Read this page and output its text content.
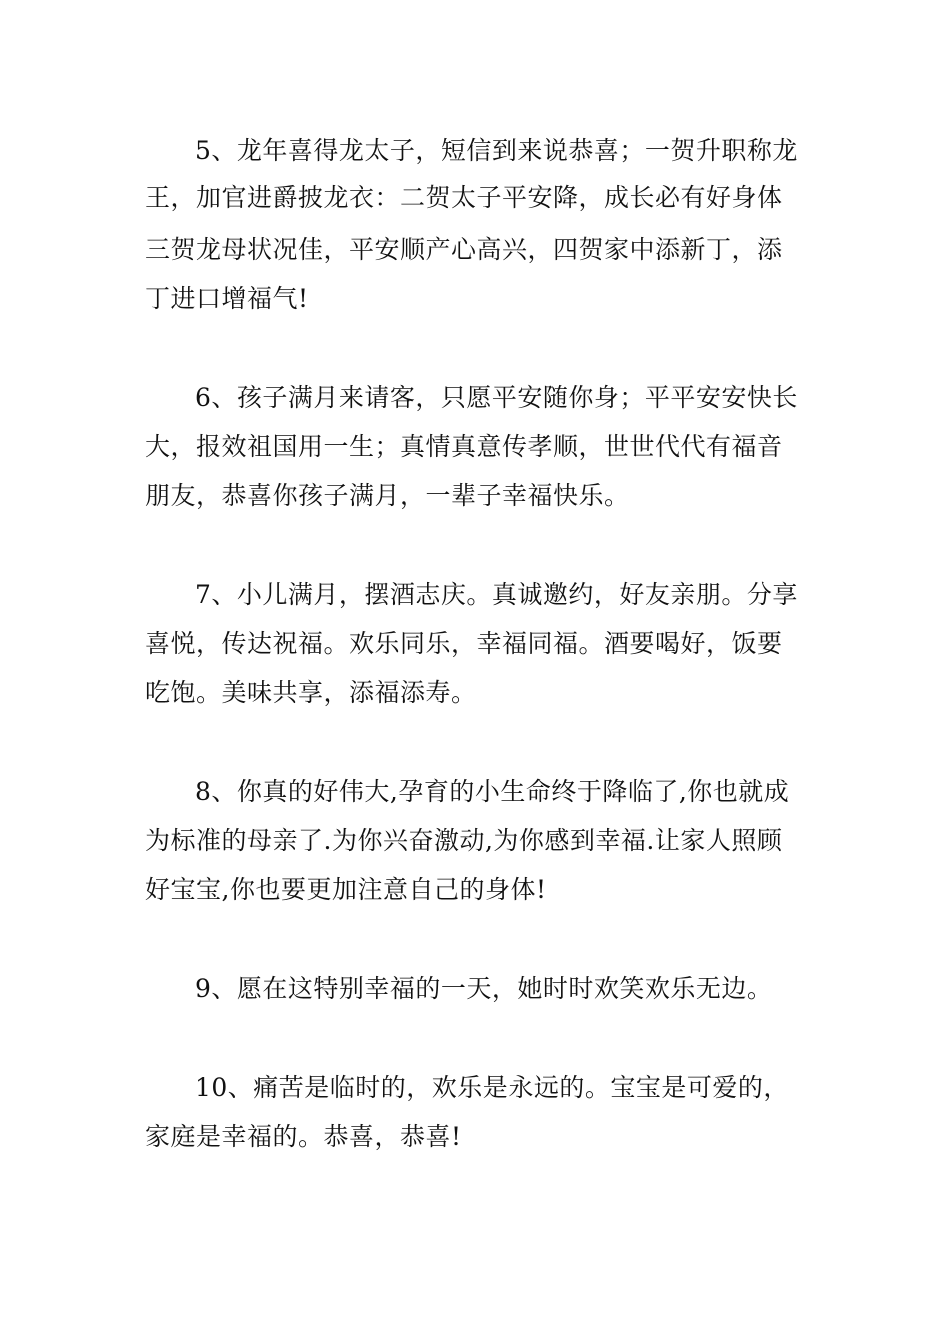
5、龙年喜得龙太子，短信到来说恭喜；一贺升职称龙
王，加官进爵披龙衣：二贺太子平安降，成长必有好身体
三贺龙母状况佳，平安顺产心高兴，四贺家中添新丁，添
丁进口增福气!
6、孩子满月来请客，只愿平安随你身；平平安安快长
大，报效祖国用一生；真情真意传孝顺，世世代代有福音
朋友，恭喜你孩子满月，一辈子幸福快乐。
7、小儿满月，摆酒志庆。真诚邀约，好友亲朋。分享
喜悦，传达祝福。欢乐同乐，幸福同福。酒要喝好，饭要
吃饱。美味共享，添福添寿。
8、你真的好伟大,孕育的小生命终于降临了,你也就成
为标准的母亲了.为你兴奋激动,为你感到幸福.让家人照顾
好宝宝,你也要更加注意自己的身体!
9、愿在这特别幸福的一天，她时时欢笑欢乐无边。
10、痛苦是临时的，欢乐是永远的。宝宝是可爱的，
家庭是幸福的。恭喜，恭喜!
